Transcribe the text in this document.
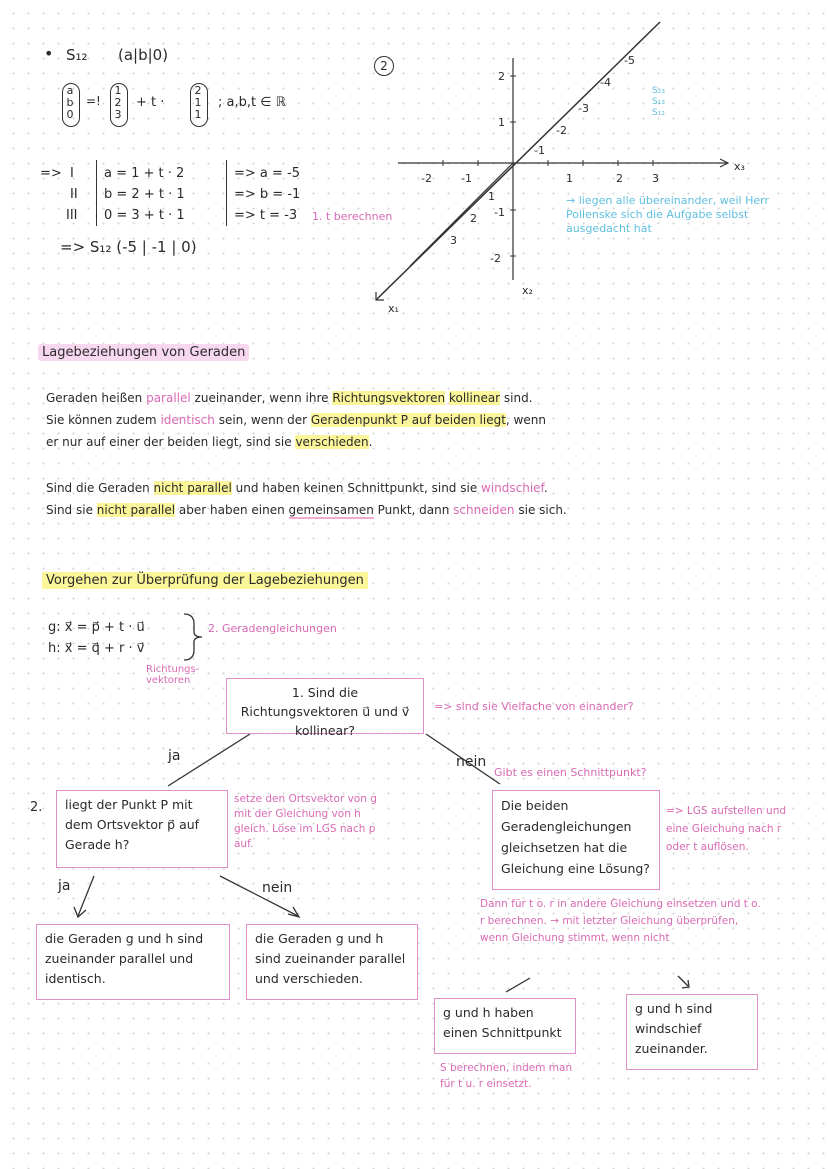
• S₁₂ (a|b|0)
a
b
0
=!
1
2
3
+ t ·
2
1
1
; a,b,t ∈ ℝ
=> I a = 1 + t · 2	=> a = -5
II b = 2 + t · 1	=> b = -1
III 0 = 3 + t · 1	=> t = -3 1. t berechnen
=> S₁₂ (-5 | -1 | 0)
2
x₃
x₂
x₁
-2	-1	1	2	3
2
1
-1
-2
1
2
3
-2
-3
-4
-5
-1
S₂₃
S₁₃
S₁₂
→ liegen alle übereinander, weil Herr Pollenske sich die Aufgabe selbst ausgedacht hat
Lagebeziehungen von Geraden
Geraden heißen parallel zueinander, wenn ihre Richtungsvektoren kollinear sind.
Sie können zudem identisch sein, wenn der Geradenpunkt P auf beiden liegt, wenn
er nur auf einer der beiden liegt, sind sie verschieden.
Sind die Geraden nicht parallel und haben keinen Schnittpunkt, sind sie windschief.
Sind sie nicht parallel aber haben einen gemeinsamen Punkt, dann schneiden sie sich.
Vorgehen zur Überprüfung der Lagebeziehungen
g: x⃗ = p⃗ + t · u⃗
h: x⃗ = q⃗ + r · v⃗
2. Geradengleichungen
Richtungs-
vektoren
ja	nein
1. Sind die Richtungsvektoren u⃗ und v⃗ kollinear?
=> sind sie Vielfache von einander?
2.	liegt der Punkt P mit dem Ortsvektor p⃗ auf Gerade h?
setze den Ortsvektor von g mit der Gleichung von h gleich. Löse im LGS nach p auf.
ja	nein
die Geraden g und h sind zueinander parallel und identisch.
die Geraden g und h sind zueinander parallel und verschieden.
Gibt es einen Schnittpunkt?
Die beiden Geradengleichungen gleichsetzen hat die Gleichung eine Lösung?
=> LGS aufstellen und eine Gleichung nach r oder t auflösen.
Dann für t o. r in andere Gleichung einsetzen und t o. r berechnen. → mit letzter Gleichung überprüfen, wenn Gleichung stimmt, wenn nicht
g und h haben einen Schnittpunkt
S berechnen, indem man für t u. r einsetzt.
g und h sind windschief zueinander.
